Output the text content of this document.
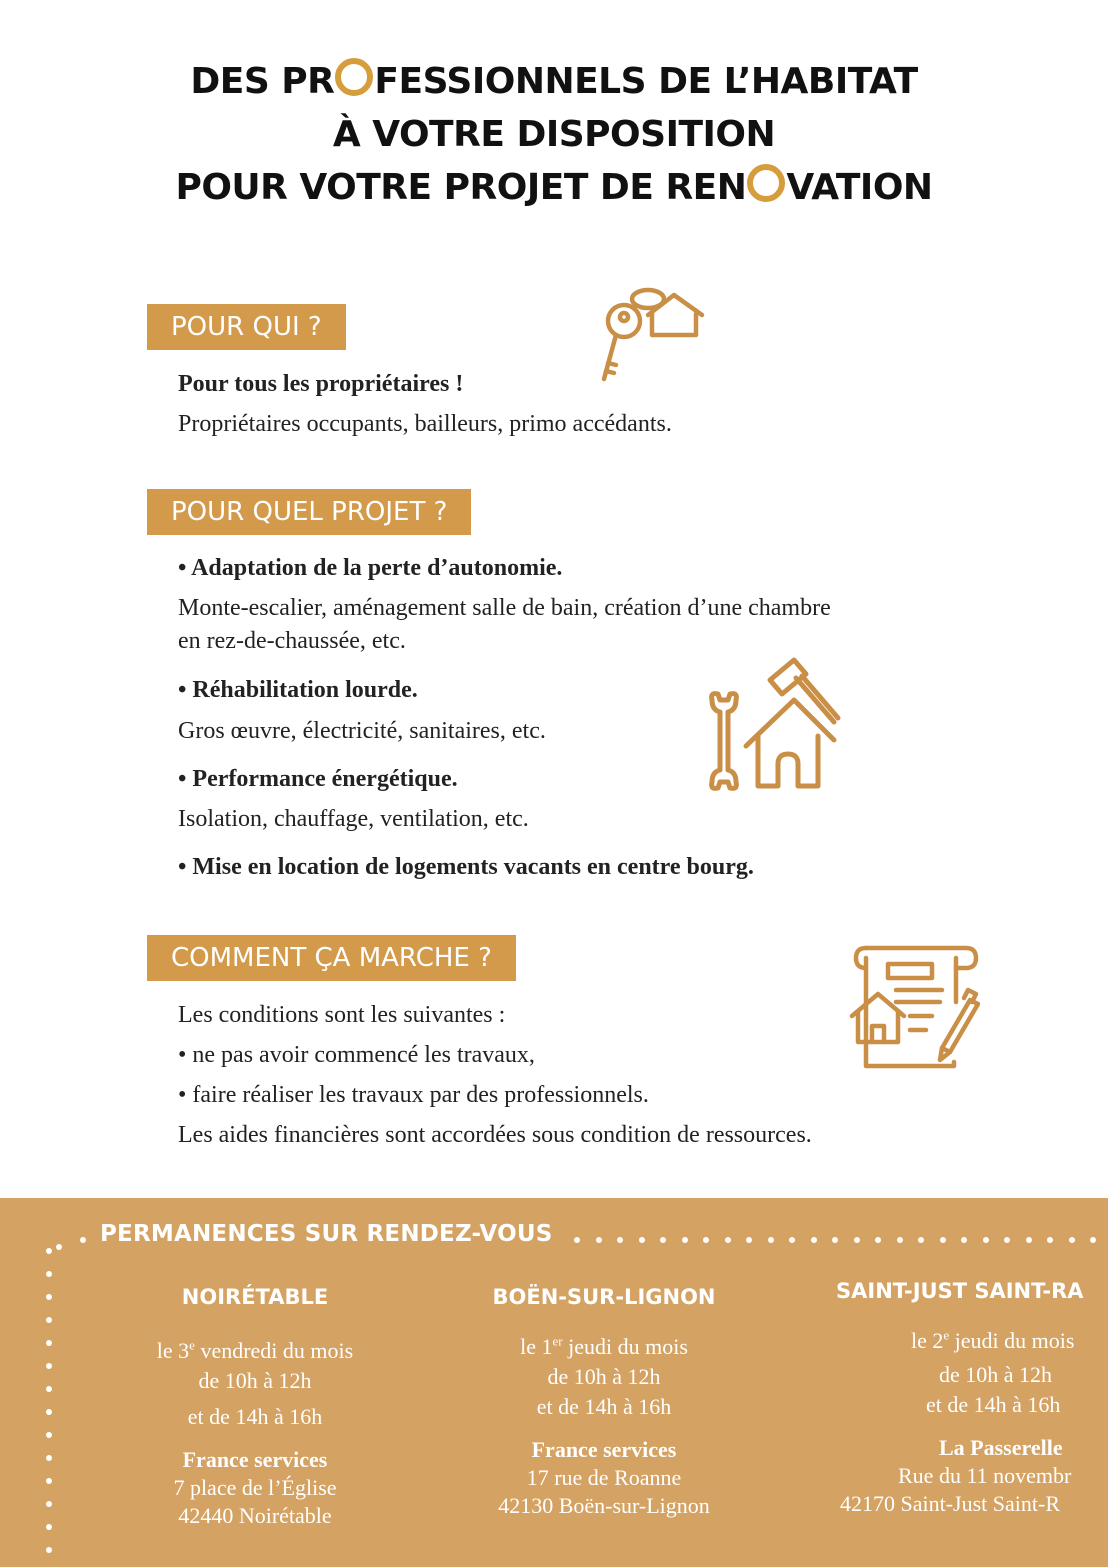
DES PR FESSIONNELS DE L’HABITAT
À VOTRE DISPOSITION
POUR VOTRE PROJET DE REN VATION
POUR QUI ?
Pour tous les propriétaires !
Propriétaires occupants, bailleurs, primo accédants.
POUR QUEL PROJET ?
• Adaptation de la perte d’autonomie.
Monte-escalier, aménagement salle de bain, création d’une chambre
en rez-de-chaussée, etc.
• Réhabilitation lourde.
Gros œuvre, électricité, sanitaires, etc.
• Performance énergétique.
Isolation, chauffage, ventilation, etc.
• Mise en location de logements vacants en centre bourg.
COMMENT ÇA MARCHE ?
Les conditions sont les suivantes :
• ne pas avoir commencé les travaux,
• faire réaliser les travaux par des professionnels.
Les aides financières sont accordées sous condition de ressources.
PERMANENCES SUR RENDEZ-VOUS
NOIRÉTABLE
le 3e vendredi du mois
de 10h à 12h
et de 14h à 16h
France services
7 place de l’Église
42440 Noirétable
BOËN-SUR-LIGNON
le 1er jeudi du mois
de 10h à 12h
et de 14h à 16h
France services
17 rue de Roanne
42130 Boën-sur-Lignon
SAINT-JUST SAINT-RA
le 2e jeudi du mois
de 10h à 12h
et de 14h à 16h
La Passerelle
Rue du 11 novembr
42170 Saint-Just Saint-R
